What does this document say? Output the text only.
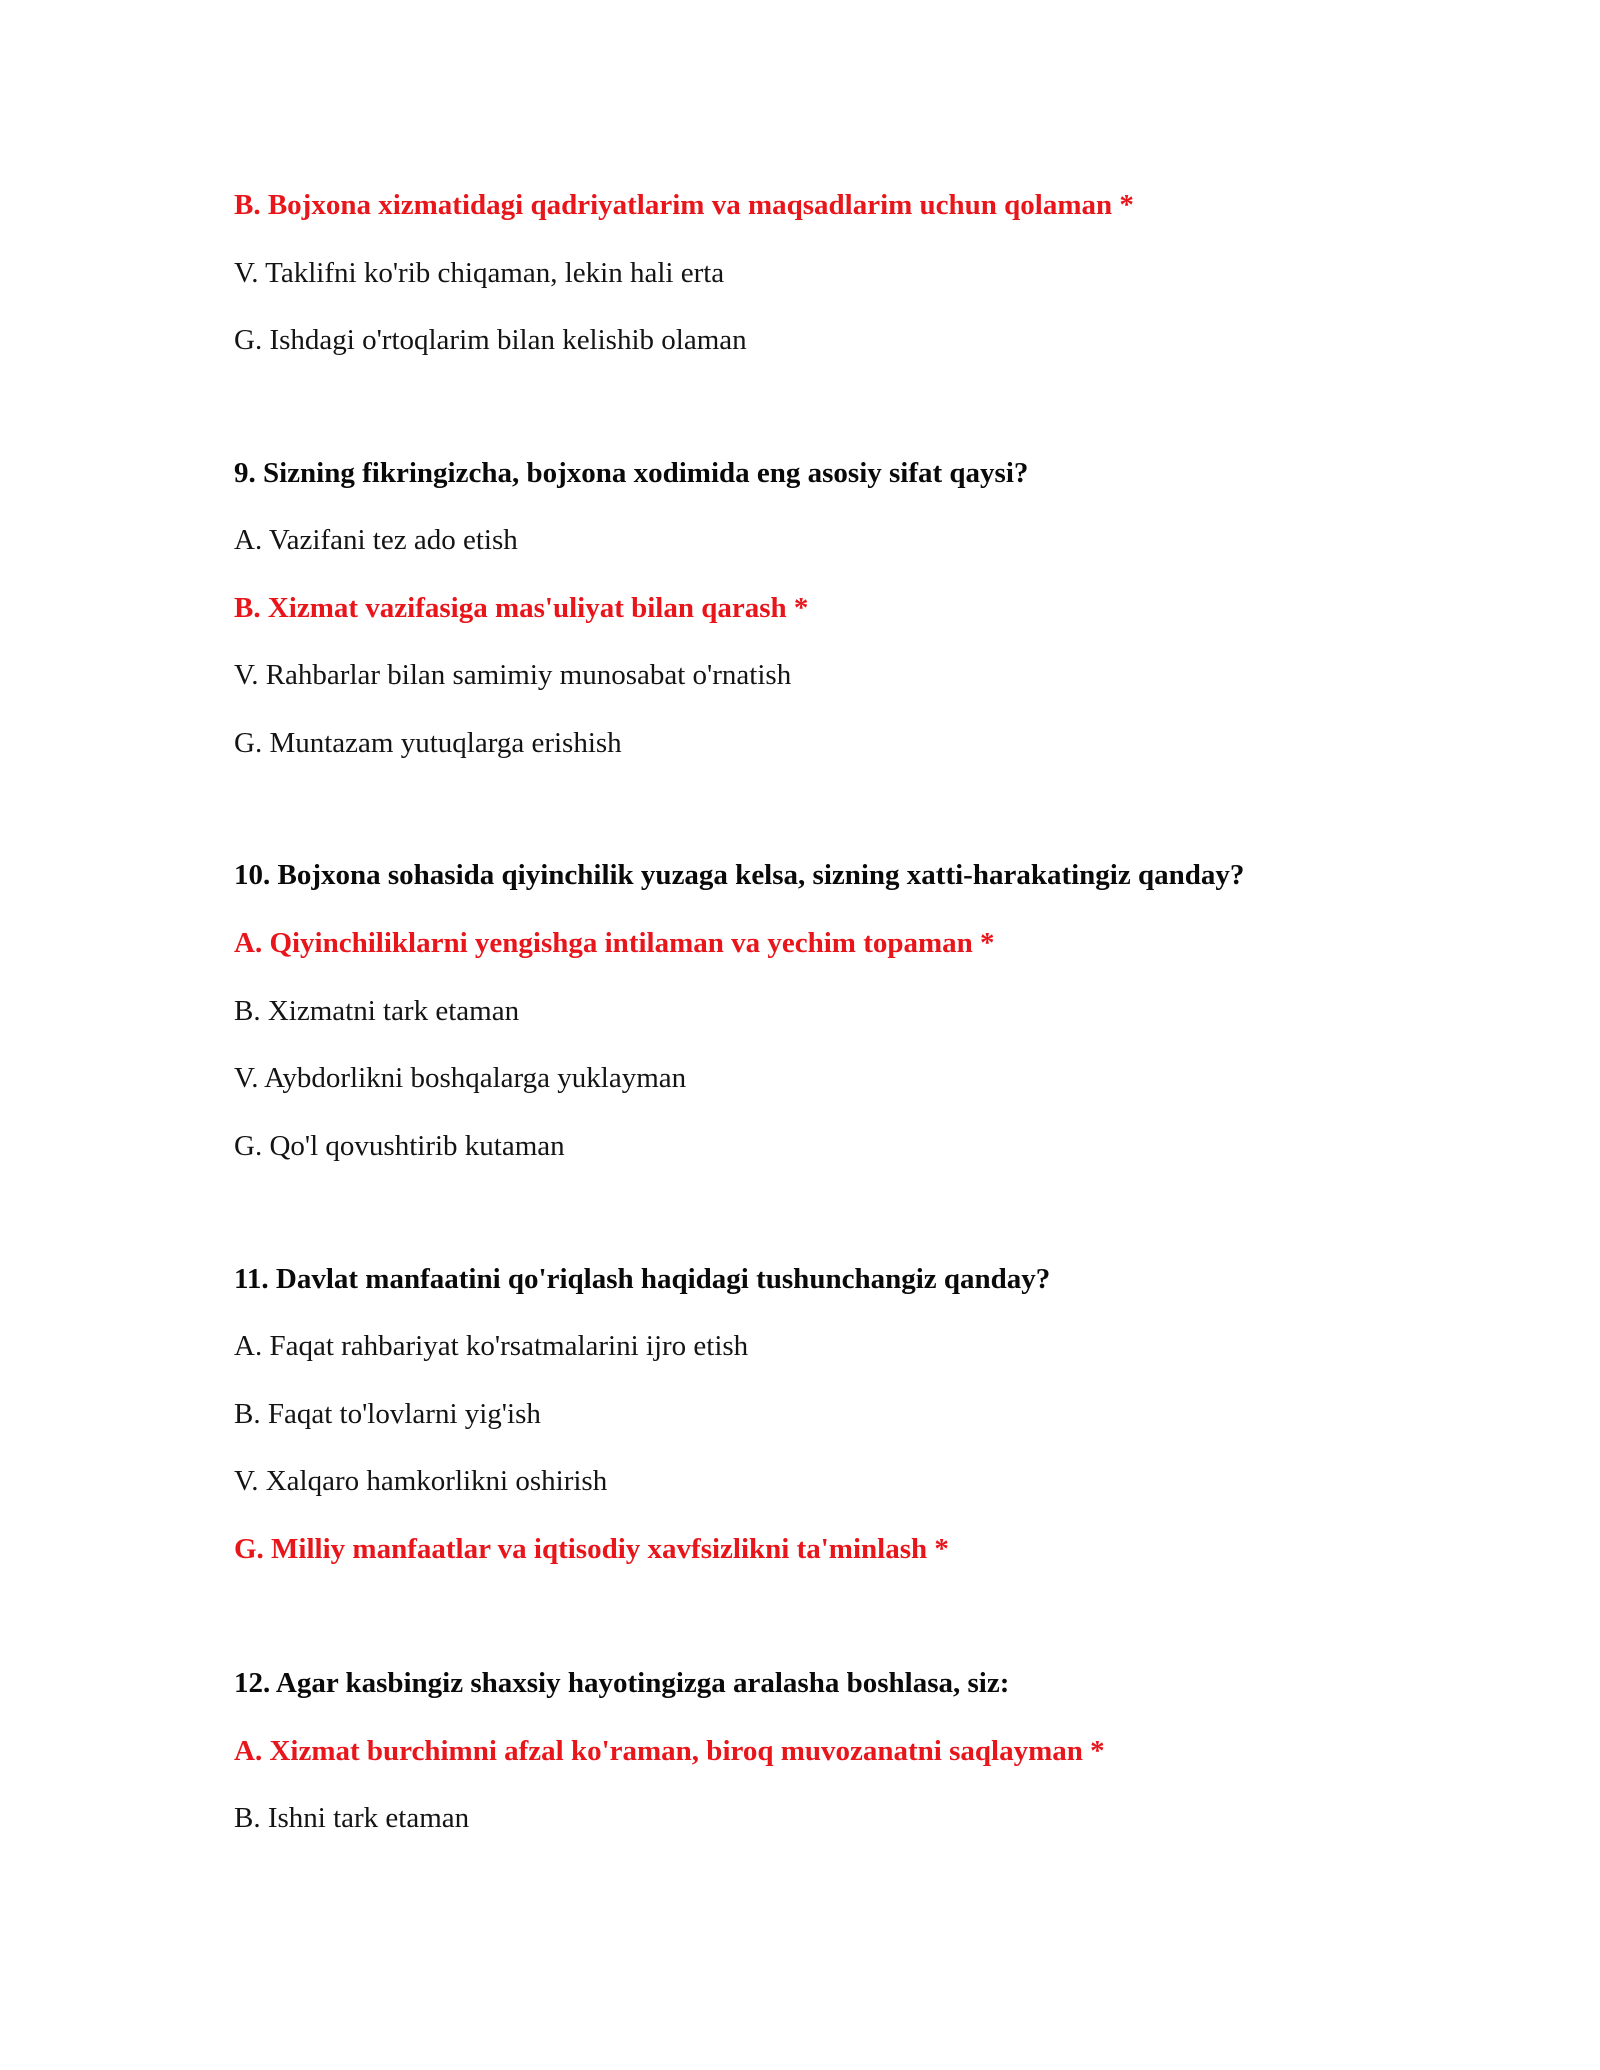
B. Bojxona xizmatidagi qadriyatlarim va maqsadlarim uchun qolaman *
V. Taklifni ko'rib chiqaman, lekin hali erta
G. Ishdagi o'rtoqlarim bilan kelishib olaman
9. Sizning fikringizcha, bojxona xodimida eng asosiy sifat qaysi?
A. Vazifani tez ado etish
B. Xizmat vazifasiga mas'uliyat bilan qarash *
V. Rahbarlar bilan samimiy munosabat o'rnatish
G. Muntazam yutuqlarga erishish
10. Bojxona sohasida qiyinchilik yuzaga kelsa, sizning xatti-harakatingiz qanday?
A. Qiyinchiliklarni yengishga intilaman va yechim topaman *
B. Xizmatni tark etaman
V. Aybdorlikni boshqalarga yuklayman
G. Qo'l qovushtirib kutaman
11. Davlat manfaatini qo'riqlash haqidagi tushunchangiz qanday?
A. Faqat rahbariyat ko'rsatmalarini ijro etish
B. Faqat to'lovlarni yig'ish
V. Xalqaro hamkorlikni oshirish
G. Milliy manfaatlar va iqtisodiy xavfsizlikni ta'minlash *
12. Agar kasbingiz shaxsiy hayotingizga aralasha boshlasa, siz:
A. Xizmat burchimni afzal ko'raman, biroq muvozanatni saqlayman *
B. Ishni tark etaman
